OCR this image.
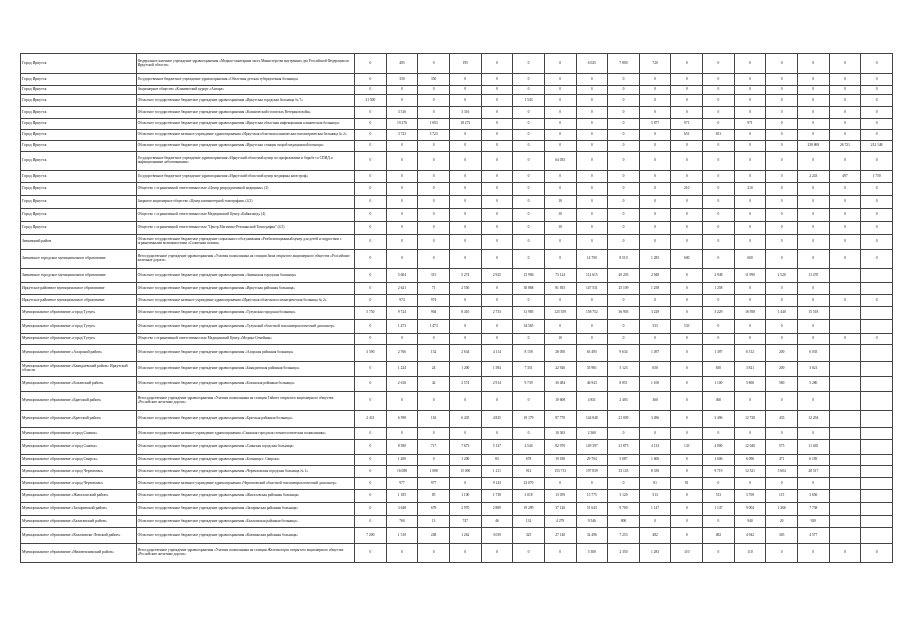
Город Иркутск	Федеральное казенное учреждение здравоохранения «Медико-санитарная часть Министерства внутренних дел Российской Федерации по Иркутской области»	0	405	0	195	0	0	0	6 025	7 800	720	0	0	0	0	0	0	0
Город Иркутск	Государственное бюджетное учреждение здравоохранения «Областная детская туберкулезная больница»	0	350	350	0	0	0	0	0	0	0	0	0	0	0	0	0	0
Город Иркутск	Акционерное общество «Клинический курорт «Ангара»	0	0	0	0	0	0	0	0	0	0	0	0	0	0	0	0	0
Город Иркутск	Областное государственное бюджетное учреждение здравоохранения «Иркутская городская больница № 7»	31 500	0	0	0	0	1 543	0	0	0	0	0	0	0	0	0	0	0
Город Иркутск	Областное государственное бюджетное учреждение здравоохранения «Клинический госпиталь Ветеранов войн»	0	3 316	0	3 316	0	0	0	0	0	0	0	0	0	0	0	0	0
Город Иркутск	Областное государственное бюджетное учреждение здравоохранения «Иркутская областная инфекционная клиническая больница»	0	19 276	1 003	18 273	0	0	0	0	0	5 877	971	0	971	0	0	0	0
Город Иркутск	Областное государственное казенное учреждение здравоохранения «Иркутская областная клиническая психиатрическая больница № 2»	0	3 723	3 723	0	0	0	0	0	0	0	651	651	0	0	0	0	0
Город Иркутск	Областное государственное бюджетное учреждение здравоохранения «Иркутская станция скорой медицинской помощи»	0	0	0	0	0	0	0	0	0	0	0	0	0	0	238 869	26 721	212 148
Город Иркутск	Государственное бюджетное учреждение здравоохранения «Иркутский областной центр по профилактике и борьбе со СПИД и инфекционными заболеваниями»	0	0	0	0	0	0	64 035	0	0	0	0	0	0	0	0	0	0
Город Иркутск	Государственное бюджетное учреждение здравоохранения «Иркутский областной центр медицины катастроф»	0	0	0	0	0	0	0	0	0	0	0	0	0	0	2 243	497	1 750
Город Иркутск	Общество с ограниченной ответственностью «Центр репродуктивной медицины» (3)	0	0	0	0	0	0	0	0	0	0	210	0	210	0	0	0	0
Город Иркутск	Закрытое акционерное общество «Центр компьютерной томографии» (4,5)	0	0	0	0	0	0	10	0	0	0	0	0	0	0	0	0	0
Город Иркутск	Общество с ограниченной ответственностью Медицинский Центр «Байкалмед» (4)	0	0	0	0	0	0	10	0	0	0	0	0	0	0	0	0	0
Город Иркутск	Общество с ограниченной ответственностью "Центр Магнитно-Резонансной Томографии" (4,5)	0	0	0	0	0	0	10	0	0	0	0	0	0	0	0	0	0
Зиминский район	Областное государственное бюджетное учреждение социального обслуживания «Реабилитационный центр для детей и подростков с ограниченными возможностями «Солнечная поляна»	0	0	0	0	0	0	0	0	0	0	0	0	0	0	0	0	0
Зиминское городское муниципальное образование	Негосударственное учреждение здравоохранения «Узловая поликлиника на станции Зима открытого акционерного общества «Российские железные дороги»	0	0	0	0	0	0	0	14 700	8 510	1 285	600	0	600	0	0	0	0
Зиминское городское муниципальное образование	Областное государственное бюджетное учреждение здравоохранения «Зиминская городская больница»	0	5 604	315	5 274	2 925	15 906	73 124	112 615	20 203	2 948	0	2 948	11 990	2 520	11 470		
Иркутское районное муниципальное образование	Областное государственное бюджетное учреждение здравоохранения «Иркутская районная больница»	0	2 621	71	2 550	0	30 868	81 835	147 531	25 109	1 258	0	1 258	0	0	0		
Иркутское районное муниципальное образование	Областное государственное казенное учреждение здравоохранения «Иркутская областная психиатрическая больница № 2»	0	974	974	0	0	0	0	0	0	0	0	0	0	0	0	0	0
Муниципальное образование «город Тулун»	Областное государственное бюджетное учреждение здравоохранения «Тулунская городская больница»	5 730	9 724	904	8 410	2 733	31 985	125 559	158 752	36 903	3 229	0	3 229	16 958	1 440	15 518		
Муниципальное образование «город Тулун»	Областное государственное бюджетное учреждение здравоохранения «Тулунский областной психоневрологический диспансер»	0	1 473	1 473	0	0	34 565	0	0	0	533	533	0	0	0	0		
Муниципальное образование «город Тулун»	Общество с ограниченной ответственностью Медицинский Центр «Медика-Семейная»	0	0	0	0	0	0	10	0	0	0	0	0	0	0	0	0	0
Муниципальное образование «Аларский район»	Областное государственное бюджетное учреждение здравоохранения «Аларская районная больница»	3 590	2 766	132	2 634	4 114	8 158	28 050	63 495	9 634	1 497	0	1 497	6 512	200	6 035		
Муниципальное образование «Баяндаевский район» Иркутской области	Областное государственное бюджетное учреждение здравоохранения «Баяндаевская районная больница»	0	1 224	24	1 200	1 584	7 351	22 926	35 981	5 123	650	0	650	3 821	200	3 621		
Муниципальное образование «Боханский район»	Областное государственное бюджетное учреждение здравоохранения «Боханская районная больница»	0	2 616	42	2 574	2 914	9 739	30 484	46 943	8 851	1 100	0	1 100	5 860	580	5 280		
Муниципальное образование «Братский район»	Негосударственное учреждение здравоохранения «Узловая поликлиника на станции Тайшет открытого акционерного общества «Российские железные дороги»	0	0	0	0	0	0	10 608	4 831	2 403	360	0	360	0	0	0		
Муниципальное образование «Братский район»	Областное государственное бюджетное учреждение здравоохранения «Братская районная больница»	2 431	6 598	163	6 435	4 825	19 179	97 770	144 848	21 009	3 496	0	3 496	12 728	435	12 294		
Муниципальное образование «город Саянск»	Областное государственное казенное учреждение здравоохранения «Саянская городская стоматологическая поликлиника»	0	0	0	0	0	0	10 363	2 360	0	0	0	0	0	0	0		
Муниципальное образование «город Саянск»	Областное государственное бюджетное учреждение здравоохранения «Саянская городская больница»	0	8 390	717	7 673	5 137	2 544	82 970	149 397	21 875	4 133	133	4 000	12 040	575	11 465		
Муниципальное образование «город Свирск»	Областное государственное бюджетное учреждение здравоохранения «Больница г. Свирска»	0	1 200	0	1 200	83	678	19 180	29 704	5 087	1 606	0	1 606	6 096	471	6 185		
Муниципальное образование «город Черемхово»	Областное государственное бюджетное учреждение здравоохранения «Черемховская городская больница № 1»	0	16 088	1 088	15 000	1 211	912	153 713	197 839	33 145	8 339	0	9 719	12 521	5 604	28 517		
Муниципальное образование «город Черемхово»	Областное государственное казенное учреждение здравоохранения «Черемховский областной психоневрологический диспансер»	0	977	977	0	9 143	23 070	0	0	0	81	81	0	0	0	0		
Муниципальное образование «Жигаловский район»	Областное государственное бюджетное учреждение здравоохранения «Жигаловская районная больница»	0	1 185	85	1 100	1 738	3 018	13 059	15 775	3 120	513	0	513	3 769	115	3 656		
Муниципальное образование «Заларинский район»	Областное государственное бюджетное учреждение здравоохранения «Заларинская районная больница»	0	3 648	678	2 970	2 889	19 299	37 126	51 643	9 700	1 147	0	1 147	9 004	1 266	7 738		
Муниципальное образование «Балаганский район»	Областное государственное бюджетное учреждение здравоохранения «Балаганская районная больница»	0	760	13	747	46	132	4 279	9 546	800	0	0	0	940	20	920		
Муниципальное образование «Казачинско-Ленский район»	Областное государственное бюджетное учреждение здравоохранения «Казачинская районная больница»	7 200	1 510	248	1 262	3 039	325	27 140	32 496	7 253	482	0	482	4 942	365	4 577		
Муниципальное образование «Нижнеилимский район»	Негосударственное учреждение здравоохранения «Узловая поликлиника на станции Железногорск открытого акционерного общества «Российские железные дороги»	0	0	0	0	0	0	0	5 300	2 350	1 283	110	0	110	0	0	0	0
